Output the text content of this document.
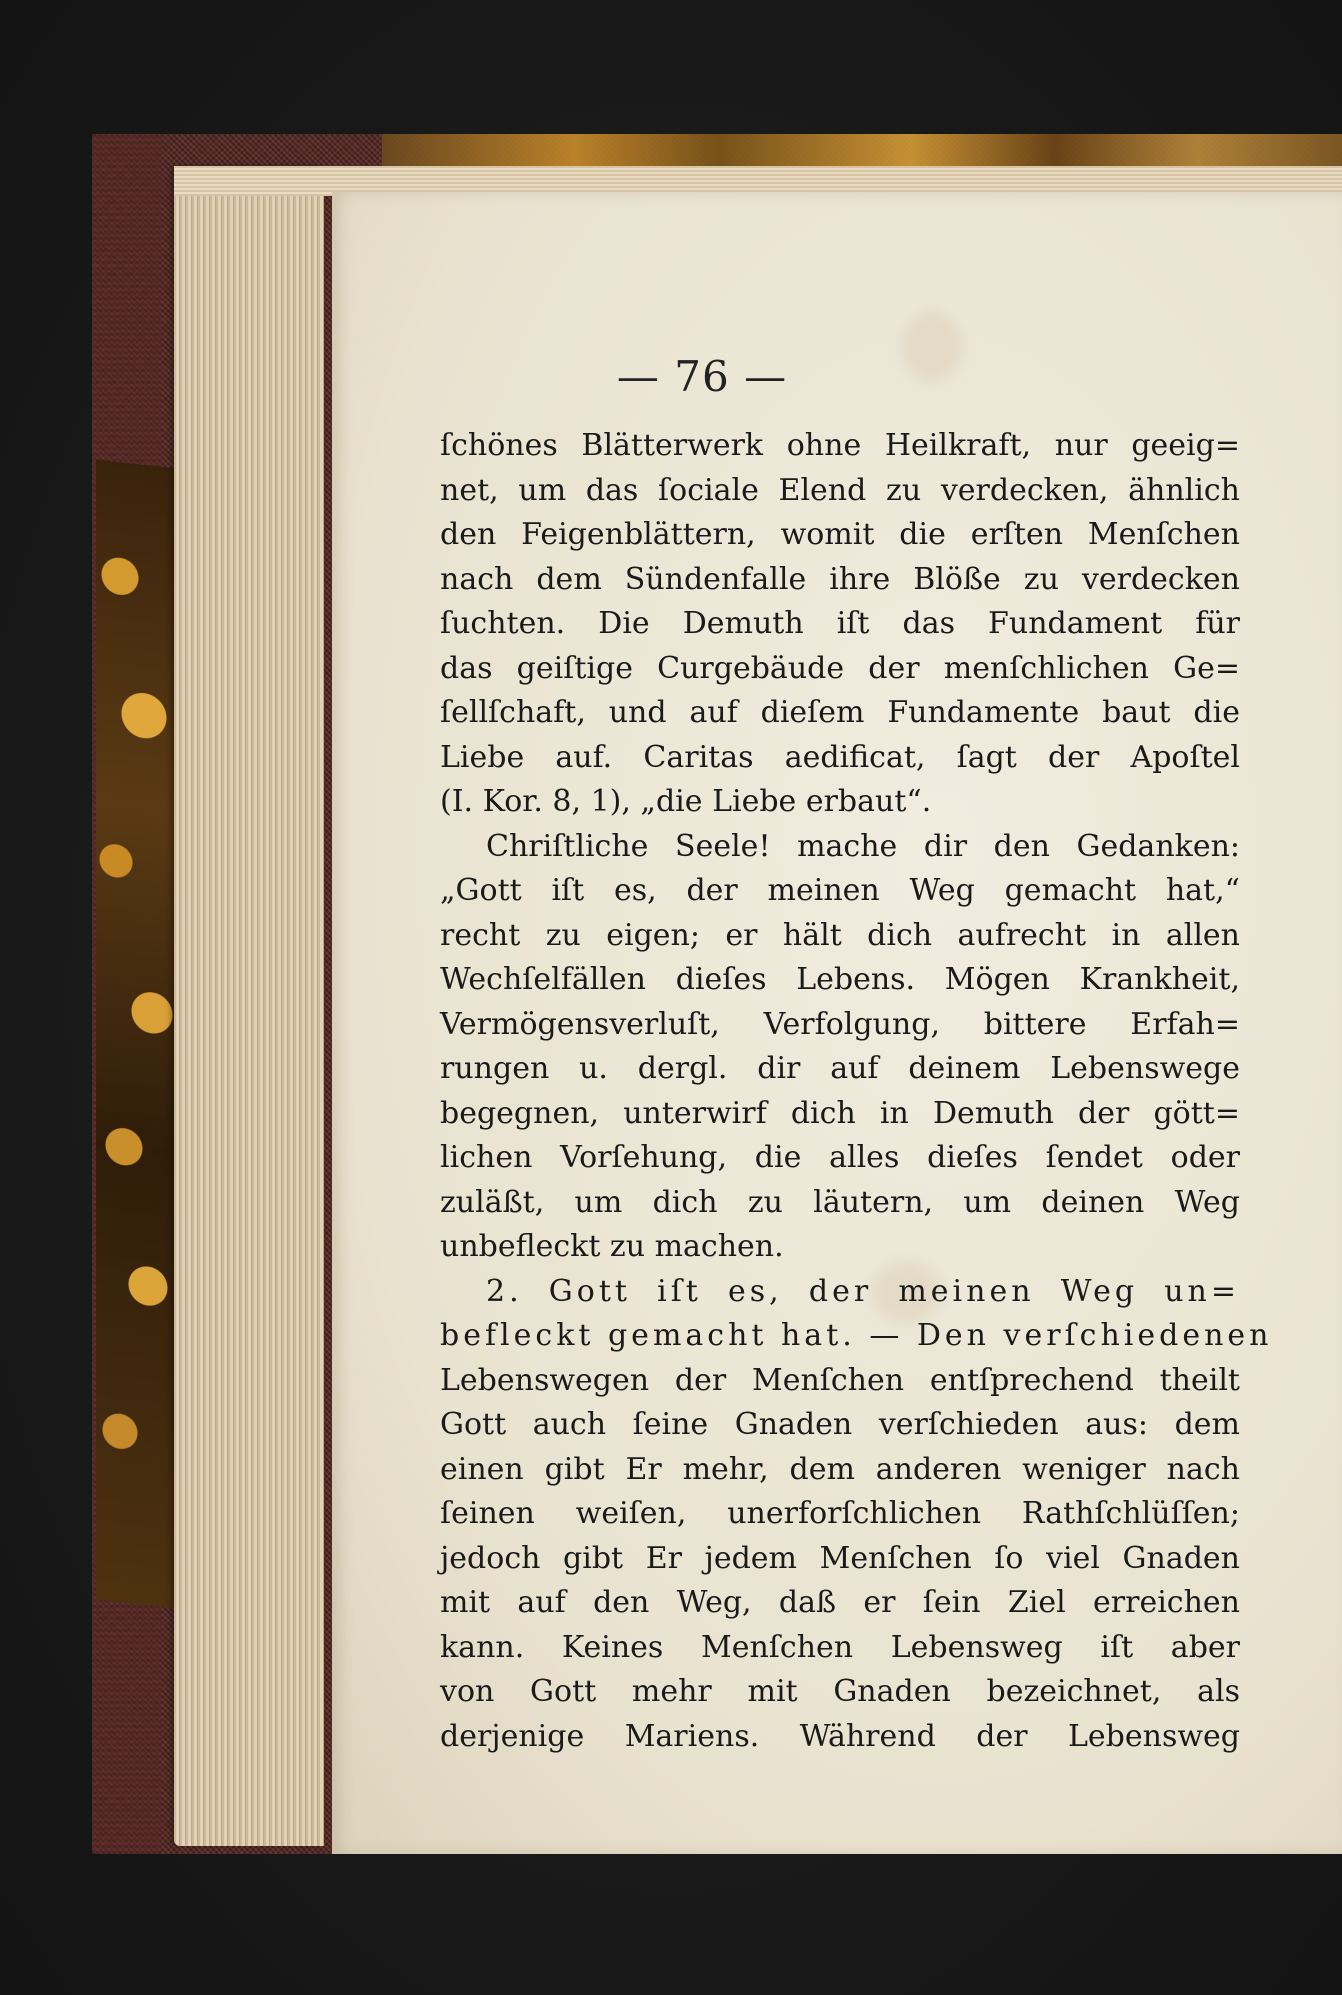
— 76 —
ſchönes Blätterwerk ohne Heilkraft, nur geeig=
net, um das ſociale Elend zu verdecken, ähnlich
den Feigenblättern, womit die erſten Menſchen
nach dem Sündenfalle ihre Blöße zu verdecken
ſuchten. Die Demuth iſt das Fundament für
das geiſtige Curgebäude der menſchlichen Ge=
ſellſchaft, und auf dieſem Fundamente baut die
Liebe auf. Caritas aedificat, ſagt der Apoſtel
(I. Kor. 8, 1), „die Liebe erbaut“.
Chriſtliche Seele! mache dir den Gedanken:
„Gott iſt es, der meinen Weg gemacht hat,“
recht zu eigen; er hält dich aufrecht in allen
Wechſelfällen dieſes Lebens. Mögen Krankheit,
Vermögensverluſt, Verfolgung, bittere Erfah=
rungen u. dergl. dir auf deinem Lebenswege
begegnen, unterwirf dich in Demuth der gött=
lichen Vorſehung, die alles dieſes ſendet oder
zuläßt, um dich zu läutern, um deinen Weg
unbefleckt zu machen.
2. Gott iſt es, der meinen Weg un=
befleckt gemacht hat. — Den verſchiedenen
Lebenswegen der Menſchen entſprechend theilt
Gott auch ſeine Gnaden verſchieden aus: dem
einen gibt Er mehr, dem anderen weniger nach
ſeinen weiſen, unerforſchlichen Rathſchlüſſen;
jedoch gibt Er jedem Menſchen ſo viel Gnaden
mit auf den Weg, daß er ſein Ziel erreichen
kann. Keines Menſchen Lebensweg iſt aber
von Gott mehr mit Gnaden bezeichnet, als
derjenige Mariens. Während der Lebensweg
